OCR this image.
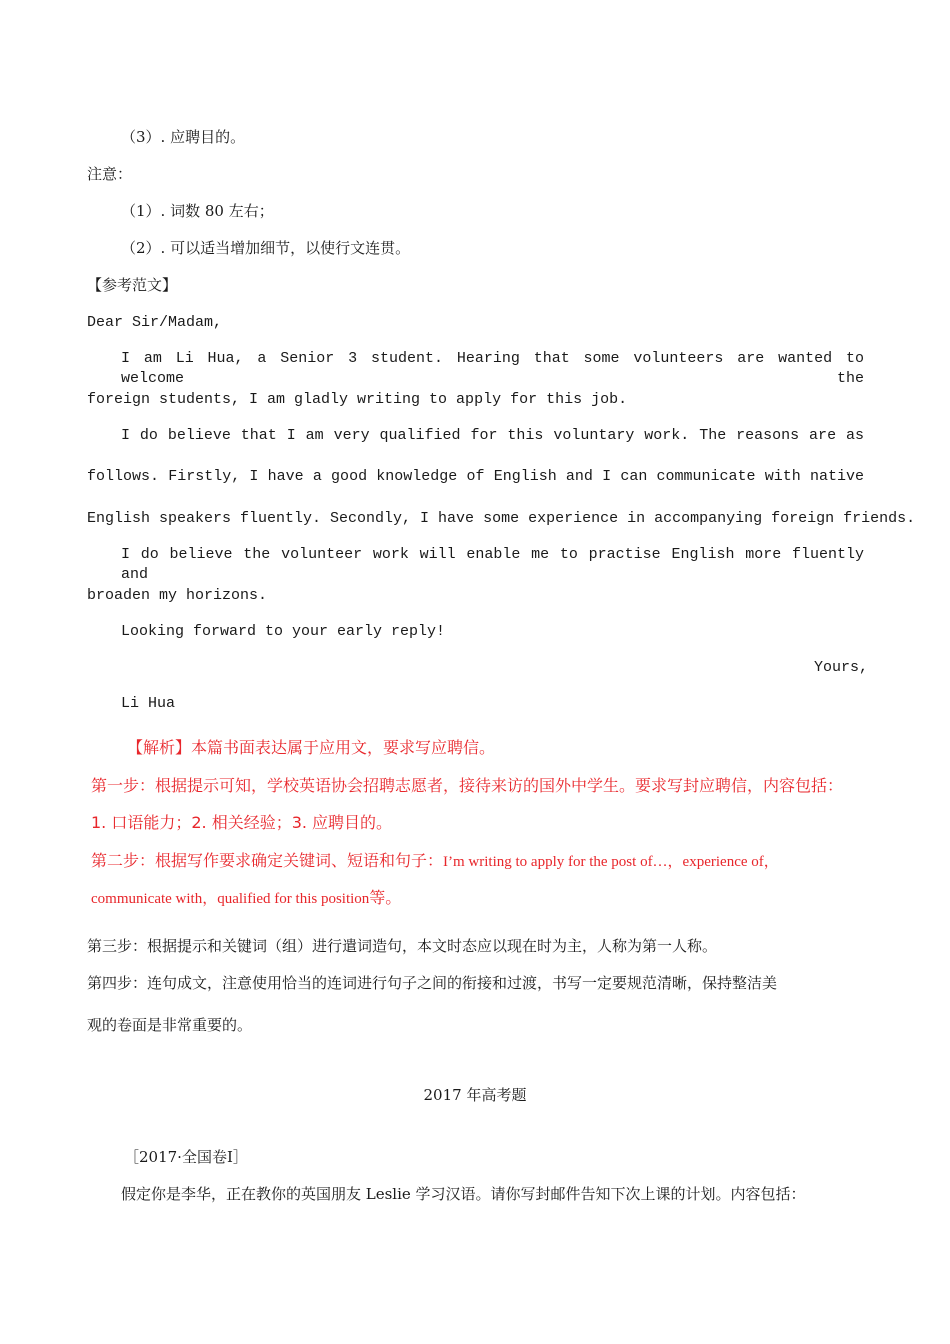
（3）. 应聘目的。
注意：
（1）. 词数 80 左右；
（2）. 可以适当增加细节，以使行文连贯。
【参考范文】
Dear Sir/Madam,
I am Li Hua, a Senior 3 student. Hearing that some volunteers are wanted to welcome the
foreign students, I am gladly writing to apply for this job.
I do believe that I am very qualified for this voluntary work. The reasons are as
follows. Firstly, I have a good knowledge of English and I can communicate with native
English speakers fluently. Secondly, I have some experience in accompanying foreign friends.
I do believe the volunteer work will enable me to practise English more fluently and
broaden my horizons.
Looking forward to your early reply!
Yours,
Li Hua
【解析】本篇书面表达属于应用文，要求写应聘信。
第一步：根据提示可知，学校英语协会招聘志愿者，接待来访的国外中学生。要求写封应聘信，内容包括：
1. 口语能力；2. 相关经验；3. 应聘目的。
第二步：根据写作要求确定关键词、短语和句子：I’m writing to apply for the post of…，experience of，
communicate with，qualified for this position等。
第三步：根据提示和关键词（组）进行遣词造句，本文时态应以现在时为主，人称为第一人称。
第四步：连句成文，注意使用恰当的连词进行句子之间的衔接和过渡，书写一定要规范清晰，保持整洁美
观的卷面是非常重要的。
2017 年高考题
［2017·全国卷Ⅰ］
假定你是李华，正在教你的英国朋友 Leslie 学习汉语。请你写封邮件告知下次上课的计划。内容包括：
